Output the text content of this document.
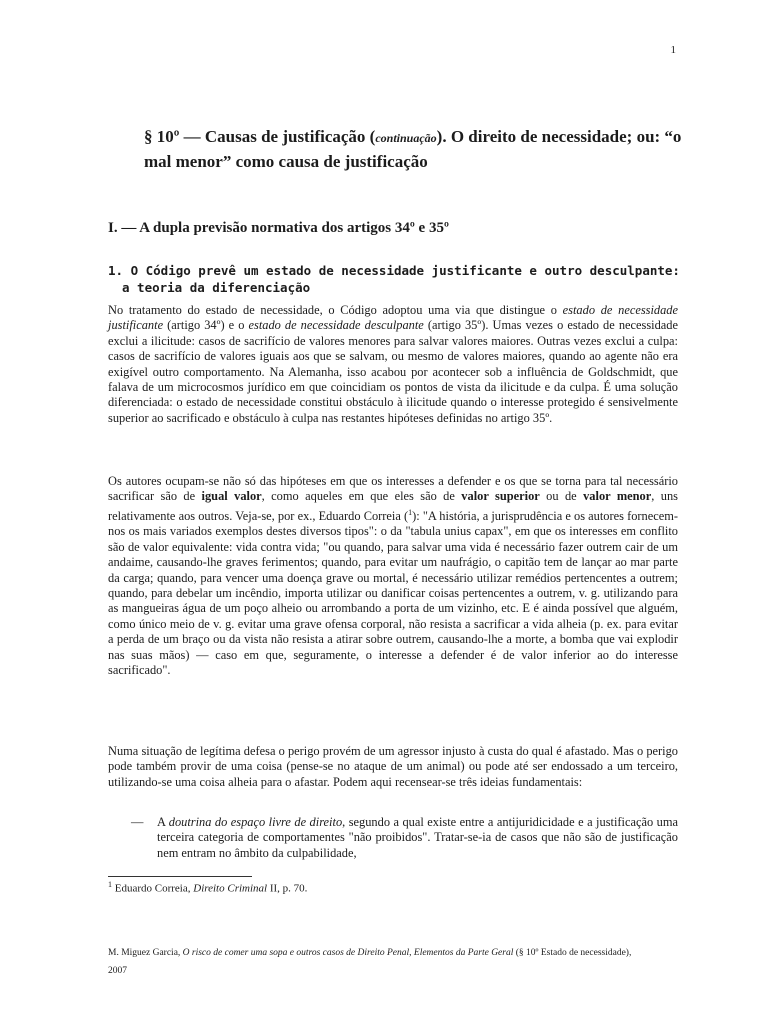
1
§ 10º — Causas de justificação (continuação). O direito de necessidade; ou: “o mal menor” como causa de justificação
I. — A dupla previsão normativa dos artigos 34º e 35º
1. O Código prevê um estado de necessidade justificante e outro desculpante: a teoria da diferenciação

No tratamento do estado de necessidade, o Código adoptou uma via que distingue o estado de necessidade justificante (artigo 34º) e o estado de necessidade desculpante (artigo 35º). Umas vezes o estado de necessidade exclui a ilicitude: casos de sacrifício de valores menores para salvar valores maiores. Outras vezes exclui a culpa: casos de sacrifício de valores iguais aos que se salvam, ou mesmo de valores maiores, quando ao agente não era exigível outro comportamento. Na Alemanha, isso acabou por acontecer sob a influência de Goldschmidt, que falava de um microcosmos jurídico em que coincidiam os pontos de vista da ilicitude e da culpa. É uma solução diferenciada: o estado de necessidade constitui obstáculo à ilicitude quando o interesse protegido é sensivelmente superior ao sacrificado e obstáculo à culpa nas restantes hipóteses definidas no artigo 35º.

Os autores ocupam-se não só das hipóteses em que os interesses a defender e os que se torna para tal necessário sacrificar são de igual valor, como aqueles em que eles são de valor superior ou de valor menor, uns relativamente aos outros. Veja-se, por ex., Eduardo Correia ($^1$): "A história, a jurisprudência e os autores fornecem-nos os mais variados exemplos destes diversos tipos": o da "tabula unius capax", em que os interesses em conflito são de valor equivalente: vida contra vida; "ou quando, para salvar uma vida é necessário fazer outrem cair de um andaime, causando-lhe graves ferimentos; quando, para evitar um naufrágio, o capitão tem de lançar ao mar parte da carga; quando, para vencer uma doença grave ou mortal, é necessário utilizar remédios pertencentes a outrem; quando, para debelar um incêndio, importa utilizar ou danificar coisas pertencentes a outrem, v. g. utilizando para as mangueiras água de um poço alheio ou arrombando a porta de um vizinho, etc. E é ainda possível que alguém, como único meio de v. g. evitar uma grave ofensa corporal, não resista a sacrificar a vida alheia (p. ex. para evitar a perda de um braço ou da vista não resista a atirar sobre outrem, causando-lhe a morte, a bomba que vai explodir nas suas mãos) — caso em que, seguramente, o interesse a defender é de valor inferior ao do interesse sacrificado".

Numa situação de legítima defesa o perigo provém de um agressor injusto à custa do qual é afastado. Mas o perigo pode também provir de uma coisa (pense-se no ataque de um animal) ou pode até ser endossado a um terceiro, utilizando-se uma coisa alheia para o afastar. Podem aqui recensear-se três ideias fundamentais:

—	A doutrina do espaço livre de direito, segundo a qual existe entre a antijuridicidade e a justificação uma terceira categoria de comportamentes "não proibidos". Tratar-se-ia de casos que não são de justificação nem entram no âmbito da culpabilidade,

$^1$ Eduardo Correia, Direito Criminal II, p. 70.

M. Miguez Garcia, O risco de comer uma sopa e outros casos de Direito Penal, Elementos da Parte Geral (§ 10º Estado de necessidade),
2007
